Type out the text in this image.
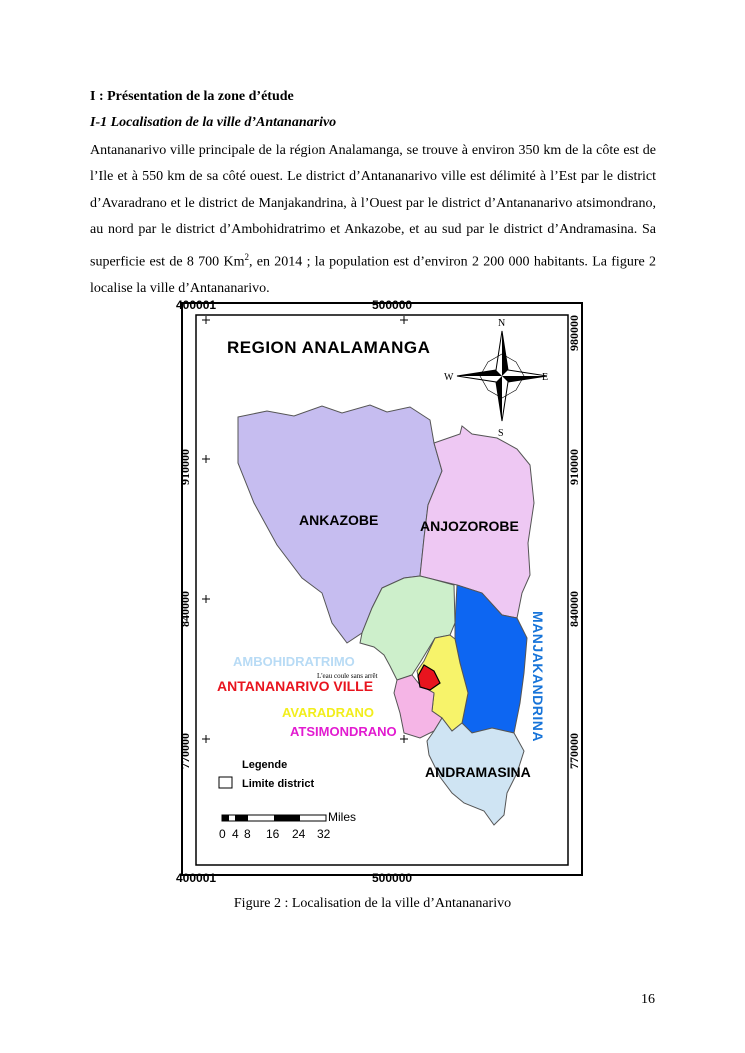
I : Présentation de la zone d’étude
I-1 Localisation de la ville d’Antananarivo
Antananarivo ville principale de la région Analamanga, se trouve à environ 350 km de la côte est de l’Ile et à 550 km de sa côté ouest. Le district d’Antananarivo ville est délimité à l’Est par le district d’Avaradrano et le district de Manjakandrina, à l’Ouest par le district d’Antananarivo atsimondrano, au nord par le district d’Ambohidratrimo et Ankazobe, et au sud par le district d’Andramasina. Sa superficie est de 8 700 Km$^2$, en 2014 ; la population est d’environ 2 200 000 habitants. La figure 2 localise la ville d’Antananarivo.
400001	500000
400001	500000
910000
840000
770000
980000
910000
840000
770000
REGION ANALAMANGA
N
S
E
W
ANKAZOBE	ANJOZOROBE
AMBOHIDRATRIMO
L'eau coule sans arrêt
ANTANANARIVO VILLE
AVARADRANO
ATSIMONDRANO
ANDRAMASINA
MANJAKANDRINA
Legende
Limite district
Miles
0 4 8 16 24 32
Figure 2 : Localisation de la ville d’Antananarivo
16
